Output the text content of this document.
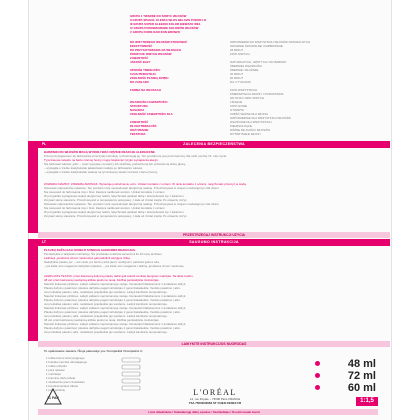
GRUPA 1 TWARDE DO SFIRYC WŁOSÓW
II GRUPA SPAGOL KLESKA WLOS BELAVIS PUDOR LO
III GRUPA SUPER GLEBOKI KOLOR BIEWAZO WEŁ
IV GRUPA PODOWADZENIE KOLORÓW WŁOSÓW
V GRUPA FODIS KAM KON BRUNZO
DO WIZYTOWEGO WŁOSÓW STOSOWAĆ	ODPOWIEDNI DO WSZYSTKICH WŁOSÓW NATURALNYCH
EFEKTYWNOŚĆ	ODCIENIE NATURALNE I FARBOWANE
DO PRZYGOTOWANIA NA WŁOSACH	25 MINUT
POKRYCIE SIWYCH WŁOSÓW	100% SIWYCH
ZAWARTOŚĆ
JAKOŚĆ BAZY	NATURALNYCH, GĘSTYCH I DO BARDZO
ŚREDNIEJ WŁASNOŚCI
SPOSÓB TRWAŁOŚCI	ŚREDNIE I DŁUŻSZE
CZAS PRZESTOJU	40 MINUT
ZDOLNOŚĆ PŁAWIĄ DZIĘKI	60 MINUT
DO ZAKŁADU	DO 4 TYGODNI
FORMA NA WŁOSACH	100% WSZYSTKICH
ZNIEKSZTAŁCA WŁOSY I POZOSTAWIA
OD 50 DO 100% SIWYCH
WŁASNOŚCI ZAWARTOŚCI	LŚNIĄCE
STRUKTURA	100% NOWE
NASADKA	OTWARTA
ZDOLNOŚĆ ZAWARTOŚCI DLA	CZĘŚĆ WAŻNA DLA WŁOSA
ODPOWIEDNIE DLA WSZYSTKICH WŁOSÓW
ZAWARTOŚĆ	WŁAŚCIWE DLA WSZYSTKICH
DŁUGOTRWAŁOŚĆ	PIELĘGNUJĄCE
ODŻYWIANIE	RÓŻNE DŁUGOŚCI WŁOSÓW
TEKSTURA	WYTRZYMAŁE WŁOSY
ZALECENIA BEZPIECZEŃSTWA
PL
BARWNIKI DO WŁOSÓW MOGĄ WYWOŁYWAĆ CIĘŻKIE REAKCJE ALERGICZNE.
Przed przystąpieniem do farbowania przeczytaj instrukcję i przestrzegaj jej. Ten produkt nie jest przeznaczony dla osób poniżej 16. roku życia.
Tymczasowe tatuaże na bazie czarnej henny mogą zwiększać ryzyko wystąpienia alergii.
Nie farbować włosów, jeśli: – masz wysypkę na twarzy lub wrażliwą, podrażnioną lub uszkodzoną skórę głowy,
– wystąpiła u Ciebie kiedykolwiek jakakolwiek reakcja po farbowaniu włosów,
– wystąpiła u Ciebie kiedykolwiek reakcja na tymczasowy tatuaż na bazie czarnej henny.
ZAWIERA DIAMINY. ZAWIERA AMONIAK. Wywołuje podrażnienie oczu. Unikać kontaktu z oczami. W razie kontaktu z oczami, natychmiast przemyć je wodą.
Stosować odpowiednie rękawice. Ten produkt może spowodować alergiczną reakcję. Przechowywać w miejscu niedostępnym dla dzieci.
Nie stosować do farbowania rzęs i brwi. Zawiera nadtlenek wodoru. Unikać kontaktu z oczami.
W przypadku wystąpienia reakcji alergicznej należy natychmiast spłukać farbę i skonsultować się z lekarzem.
Zmywać skórę starannie, Przechowywać w temperaturze pokojowej, z dala od źródeł ciepła. Po otwarciu zużyć.
Stosować odpowiednie rękawice. Ten produkt może spowodować alergiczną reakcję. Przechowywać w miejscu niedostępnym dla dzieci.
Nie stosować do farbowania rzęs i brwi. Zawiera nadtlenek wodoru. Unikać kontaktu z oczami.
W przypadku wystąpienia reakcji alergicznej należy natychmiast spłukać farbę i skonsultować się z lekarzem.
Zmywać skórę starannie, Przechowywać w temperaturze pokojowej, z dala od źródeł ciepła. Po otwarciu zużyć.
PRZESTRZEGAJ INSTRUKCJI UŻYCIA
SAUGUMO INSTRUKCIJA
LT
PLAUKŲ DAŽAI GALI SUKELTI SUNKIAS ALERGINES REAKCIJAS.
Perskaitykite ir laikykitės instrukcijų. Šis produktas neskirtas asmenims iki 16 metų amžiaus.
Laikinieji „juodosios chnos“ tatuiruotės gali padidinti alergijos riziką.
Nedažykite plaukų, jei: – ant veido yra bėrimų arba jautri, sudirgusi ir pažeista galvos oda,
– jūs kada nors reagavote dažydami plaukus, – jūs kada nors reagavote į laikiną „juodosios chnos“ tatuiruotę.
ALERGIJOS TESTAS: prieš kiekvieną dažymą plaukų dažai gali sukelti sunkias alergines reakcijas. Tai labai svarbu.
48 val. prieš kiekvieną naudojimą atlikite jautrumo testą. Atidžiai perskaitykite instrukcijas.
Naudoti tinkamas pirštines. Laikyti vaikams neprieinamoje vietoje. Nenaudoti blakstienoms ir antakiams dažyti.
Plaukų dažymo patarimai: plaukus dažykite pagal instrukcijas ir gerai išskalaukite. Venkite patekimo į akis.
Jei produktas pateko į akis, nedelsiant praplaukite jas vandeniu. Laikyti kambario temperatūroje.
Naudoti tinkamas pirštines. Laikyti vaikams neprieinamoje vietoje. Nenaudoti blakstienoms ir antakiams dažyti.
Plaukų dažymo patarimai: plaukus dažykite pagal instrukcijas ir gerai išskalaukite. Venkite patekimo į akis.
Jei produktas pateko į akis, nedelsiant praplaukite jas vandeniu. Laikyti kambario temperatūroje.
Naudoti tinkamas pirštines. Laikyti vaikams neprieinamoje vietoje. Nenaudoti blakstienoms ir antakiams dažyti.
Plaukų dažymo patarimai: plaukus dažykite pagal instrukcijas ir gerai išskalaukite. Venkite patekimo į akis.
Jei produktas pateko į akis, nedelsiant praplaukite jas vandeniu. Laikyti kambario temperatūroje.
48 val. prieš kiekvieną naudojimą atlikite jautrumo testą. Atidžiai perskaitykite instrukcijas.
Naudoti tinkamas pirštines. Laikyti vaikams neprieinamoje vietoje. Nenaudoti blakstienoms ir antakiams dažyti.
Plaukų dažymo patarimai: plaukus dažykite pagal instrukcijas ir gerai išskalaukite. Venkite patekimo į akis.
Jei produktas pateko į akis, nedelsiant praplaukite jas vandeniu. Laikyti kambario temperatūroje.
LAIKYKITE INSTRUKCIJOS NUORODAS
To opakowanie zawiera / Šioje pakuotėje yra / Komplektā / Komplekts ir:
1 tubka kremu koloryzującego
1 butelka mleczka utleniającego
1 tubka odżywki
1 para rękawic
1 instrukcja
1 kreminių dažų tūbelė
1 oksidacinio pieno buteliukas
1 kondicionieriaus tūbelė
1 pora pirštinių
48 ml
72 ml
60 ml
1:1,5
21 PAP
L'ORÉAL
14, rue Royale – 75008 Paris FRANCE
TSA 75000/30084 ST OUEN CEDEX FR
Lista składników / Sudedamųjų dalių sąrašas / Sastāvdaļas / Koostisosade loend
